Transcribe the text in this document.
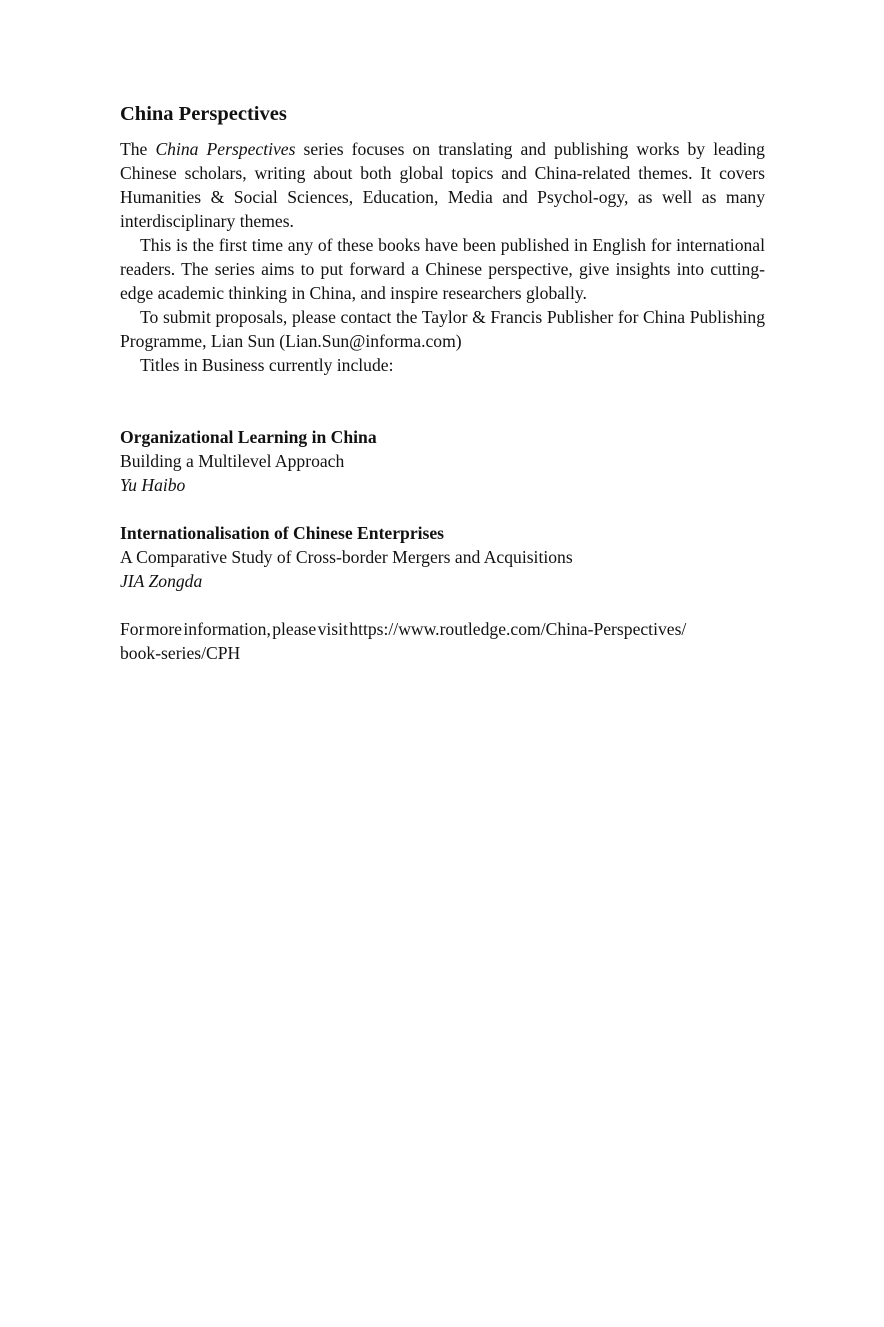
China Perspectives

The China Perspectives series focuses on translating and publishing works by leading Chinese scholars, writing about both global topics and China-related themes. It covers Humanities & Social Sciences, Education, Media and Psychol-ogy, as well as many interdisciplinary themes.

This is the first time any of these books have been published in English for international readers. The series aims to put forward a Chinese perspective, give insights into cutting-edge academic thinking in China, and inspire researchers globally.

To submit proposals, please contact the Taylor & Francis Publisher for China Publishing Programme, Lian Sun (Lian.Sun@informa.com)

Titles in Business currently include:

Organizational Learning in China
Building a Multilevel Approach
Yu Haibo
Internationalisation of Chinese Enterprises
A Comparative Study of Cross-border Mergers and Acquisitions
JIA Zongda

For more information, please visit https://www.routledge.com/China-Perspectives/
book-series/CPH
